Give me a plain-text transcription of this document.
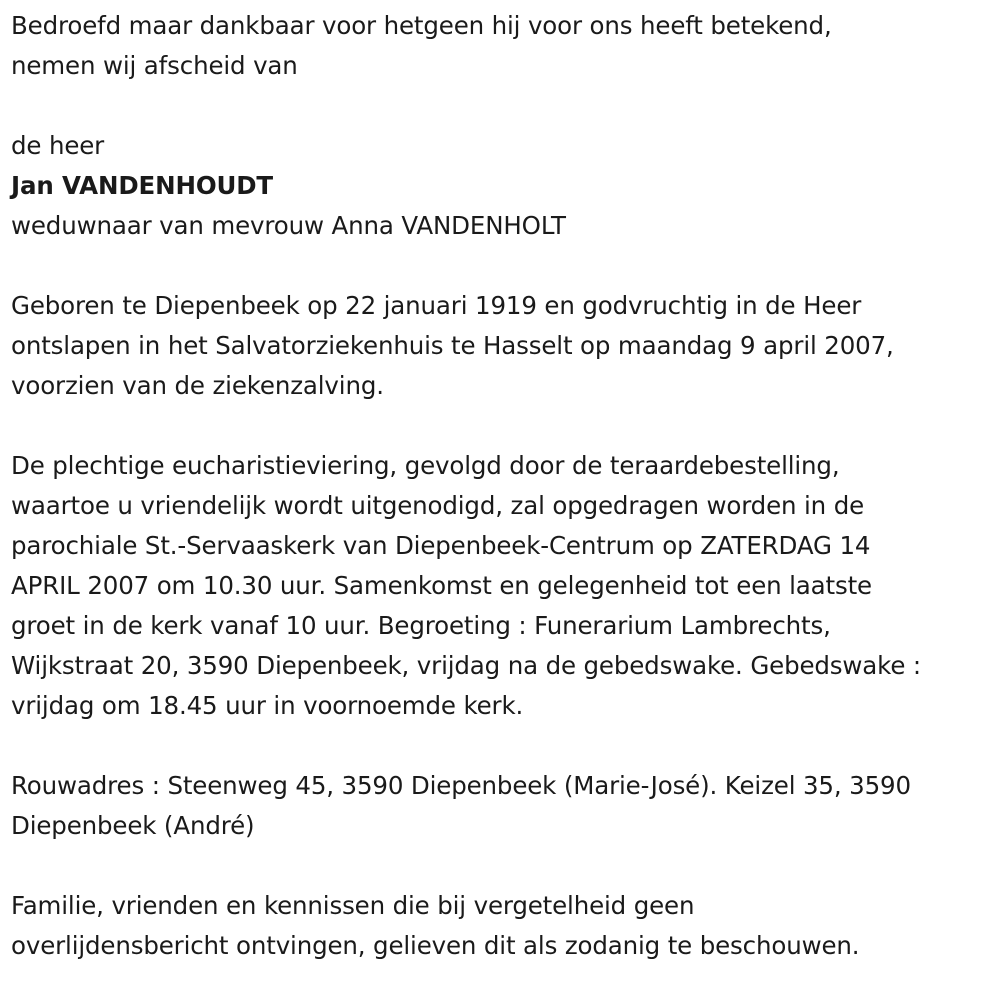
Bedroefd maar dankbaar voor hetgeen hij voor ons heeft betekend,

nemen wij afscheid van

de heer

Jan VANDENHOUDT

weduwnaar van mevrouw Anna VANDENHOLT

Geboren te Diepenbeek op 22 januari 1919 en godvruchtig in de Heer

ontslapen in het Salvatorziekenhuis te Hasselt op maandag 9 april 2007,

voorzien van de ziekenzalving.

De plechtige eucharistieviering, gevolgd door de teraardebestelling,

waartoe u vriendelijk wordt uitgenodigd, zal opgedragen worden in de

parochiale St.-Servaaskerk van Diepenbeek-Centrum op ZATERDAG 14

APRIL 2007 om 10.30 uur. Samenkomst en gelegenheid tot een laatste

groet in de kerk vanaf 10 uur. Begroeting : Funerarium Lambrechts,

Wijkstraat 20, 3590 Diepenbeek, vrijdag na de gebedswake. Gebedswake :

vrijdag om 18.45 uur in voornoemde kerk.

Rouwadres : Steenweg 45, 3590 Diepenbeek (Marie-José). Keizel 35, 3590

Diepenbeek (André)

Familie, vrienden en kennissen die bij vergetelheid geen

overlijdensbericht ontvingen, gelieven dit als zodanig te beschouwen.
